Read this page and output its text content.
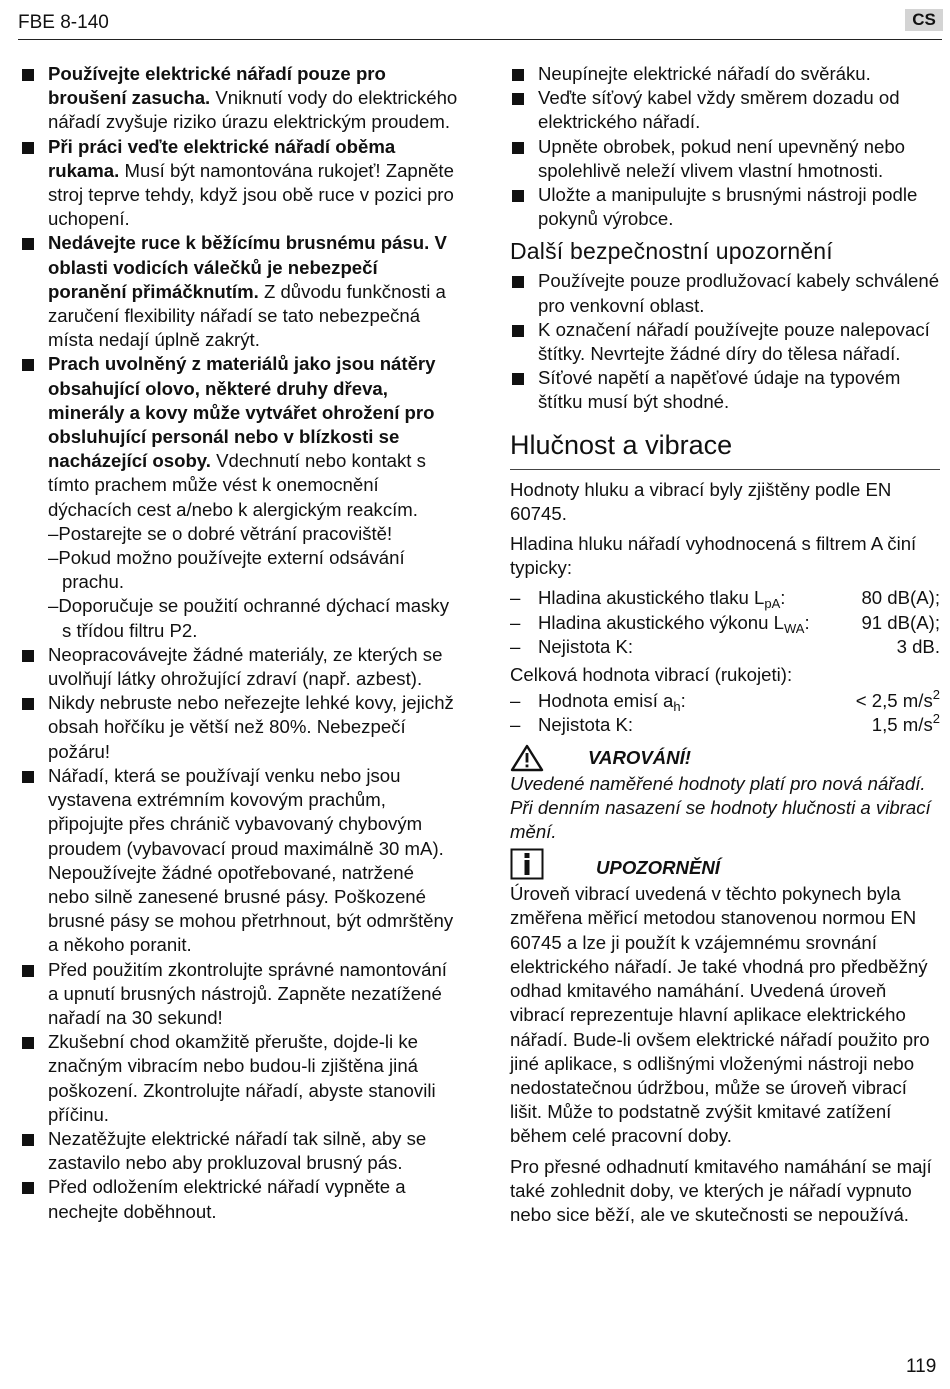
FBE 8-140	CS

Používejte elektrické nářadí pouze pro broušení zasucha. Vniknutí vody do elektrického nářadí zvyšuje riziko úrazu elektrickým proudem.

Při práci veďte elektrické nářadí oběma rukama. Musí být namontována rukojeť! Zapněte stroj teprve tehdy, když jsou obě ruce v pozici pro uchopení.

Nedávejte ruce k běžícímu brusnému pásu. V oblasti vodicích válečků je nebezpečí poranění přimáčknutím. Z důvodu funkčnosti a zaručení flexibility nářadí se tato nebezpečná místa nedají úplně zakrýt.

Prach uvolněný z materiálů jako jsou nátěry obsahující olovo, některé druhy dřeva, minerály a kovy může vytvářet ohrožení pro obsluhující personál nebo v blízkosti se nacházející osoby. Vdechnutí nebo kontakt s tímto prachem může vést k onemocnění dýchacích cest a/nebo k alergickým reakcím.

–Postarejte se o dobré větrání pracoviště!

–Pokud možno používejte externí odsávání prachu.

–Doporučuje se použití ochranné dýchací masky s třídou filtru P2.

Neopracovávejte žádné materiály, ze kterých se uvolňují látky ohrožující zdraví (např. azbest).

Nikdy nebruste nebo neřezejte lehké kovy, jejichž obsah hořčíku je větší než 80%. Nebezpečí požáru!

Nářadí, která se používají venku nebo jsou vystavena extrémním kovovým prachům, připojujte přes chránič vybavovaný chybovým proudem (vybavovací proud maximálně 30 mA). Nepoužívejte žádné opotřebované, natržené nebo silně zanesené brusné pásy. Poškozené brusné pásy se mohou přetrhnout, být odmrštěny a někoho poranit.

Před použitím zkontrolujte správné namontování a upnutí brusných nástrojů. Zapněte nezatížené nařadí na 30 sekund!

Zkušební chod okamžitě přerušte, dojde-li ke značným vibracím nebo budou-li zjištěna jiná poškození. Zkontrolujte nářadí, abyste stanovili příčinu.

Nezatěžujte elektrické nářadí tak silně, aby se zastavilo nebo aby prokluzoval brusný pás.

Před odložením elektrické nářadí vypněte a nechejte doběhnout.

Neupínejte elektrické nářadí do svěráku.

Veďte síťový kabel vždy směrem dozadu od elektrického nářadí.

Upněte obrobek, pokud není upevněný nebo spolehlivě neleží vlivem vlastní hmotnosti.

Uložte a manipulujte s brusnými nástroji podle pokynů výrobce.

Další bezpečnostní upozornění

Používejte pouze prodlužovací kabely schválené pro venkovní oblast.

K označení nářadí používejte pouze nalepovací štítky. Nevrtejte žádné díry do tělesa nářadí.

Síťové napětí a napěťové údaje na typovém štítku musí být shodné.

Hlučnost a vibrace

Hodnoty hluku a vibrací byly zjištěny podle EN 60745.

Hladina hluku nářadí vyhodnocená s filtrem A činí typicky:

– Hladina akustického tlaku $L_{pA}$:	80 dB(A);
– Hladina akustického výkonu $L_{WA}$:	91 dB(A);
– Nejistota K:	3 dB.

Celková hodnota vibrací (rukojeti):

– Hodnota emisí $a_h$:	< 2,5 $m/s^2$
– Nejistota K:	1,5 $m/s^2$
VAROVÁNÍ!

Uvedené naměřené hodnoty platí pro nová nářadí. Při denním nasazení se hodnoty hlučnosti a vibrací mění.

UPOZORNĚNÍ

Úroveň vibrací uvedená v těchto pokynech byla změřena měřicí metodou stanovenou normou EN 60745 a lze ji použít k vzájemnému srovnání elektrického nářadí. Je také vhodná pro předběžný odhad kmitavého namáhání. Uvedená úroveň vibrací reprezentuje hlavní aplikace elektrického nářadí. Bude-li ovšem elektrické nářadí použito pro jiné aplikace, s odlišnými vloženými nástroji nebo nedostatečnou údržbou, může se úroveň vibrací lišit. Může to podstatně zvýšit kmitavé zatížení během celé pracovní doby.

Pro přesné odhadnutí kmitavého namáhání se mají také zohlednit doby, ve kterých je nářadí vypnuto nebo sice běží, ale ve skutečnosti se nepoužívá.

119
